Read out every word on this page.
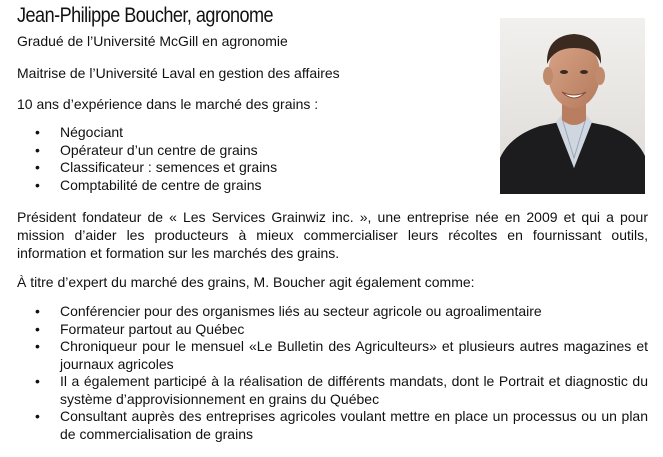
Jean-Philippe Boucher, agronome

Gradué de l’Université McGill en agronomie

Maitrise de l’Université Laval en gestion des affaires

10 ans d’expérience dans le marché des grains :

• Négociant
• Opérateur d’un centre de grains
• Classificateur : semences et grains
• Comptabilité de centre de grains

Président fondateur de « Les Services Grainwiz inc. », une entreprise née en 2009 et qui a pour mission d’aider les producteurs à mieux commercialiser leurs récoltes en fournissant outils, information et formation sur les marchés des grains.

À titre d’expert du marché des grains, M. Boucher agit également comme:

• Conférencier pour des organismes liés au secteur agricole ou agroalimentaire
• Formateur partout au Québec
• Chroniqueur pour le mensuel «Le Bulletin des Agriculteurs» et plusieurs autres magazines et journaux agricoles
• Il a également participé à la réalisation de différents mandats, dont le Portrait et diagnostic du système d’approvisionnement en grains du Québec
• Consultant auprès des entreprises agricoles voulant mettre en place un processus ou un plan de commercialisation de grains
